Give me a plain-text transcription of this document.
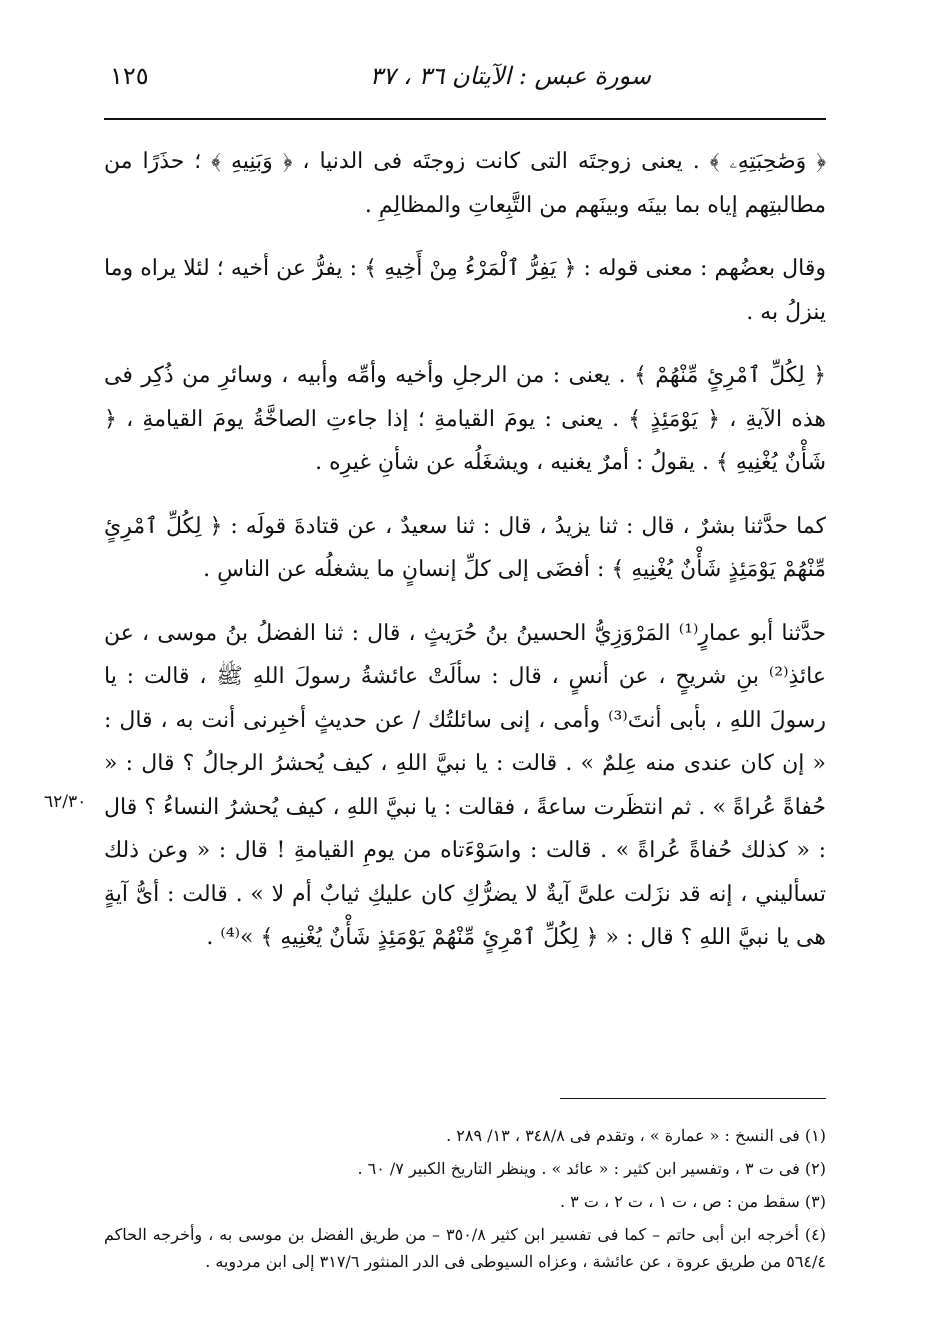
سورة عبس : الآيتان ٣٦ ، ٣٧
١٢٥

﴿ وَصَٰحِبَتِهِۦ ﴾ . يعنى زوجتَه التى كانت زوجتَه فى الدنيا ، ﴿ وَبَنِيهِ ﴾ ؛ حذَرًا من مطالبتِهم إياه بما بينَه وبينَهم من التَّبِعاتِ والمظالِمِ .

وقال بعضُهم : معنى قوله : ﴿ يَفِرُّ ٱلْمَرْءُ مِنْ أَخِيهِ ﴾ : يفرُّ عن أخيه ؛ لئلا يراه وما ينزلُ به .

﴿ لِكُلِّ ٱمْرِئٍ مِّنْهُمْ ﴾ . يعنى : من الرجلِ وأخيه وأمِّه وأبيه ، وسائرِ من ذُكِر فى هذه الآيةِ ، ﴿ يَوْمَئِذٍ ﴾ . يعنى : يومَ القيامةِ ؛ إذا جاءتِ الصاخَّةُ يومَ القيامةِ ، ﴿ شَأْنٌ يُغْنِيهِ ﴾ . يقولُ : أمرٌ يغنيه ، ويشغَلُه عن شأنِ غيرِه .

كما حدَّثنا بشرٌ ، قال : ثنا يزيدُ ، قال : ثنا سعيدٌ ، عن قتادةَ قولَه : ﴿ لِكُلِّ ٱمْرِئٍ مِّنْهُمْ يَوْمَئِذٍ شَأْنٌ يُغْنِيهِ ﴾ : أفضَى إلى كلِّ إنسانٍ ما يشغلُه عن الناسِ .

حدَّثنا أبو عمارٍ⁽¹⁾ المَرْوَزِيُّ الحسينُ بنُ حُرَيثٍ ، قال : ثنا الفضلُ بنُ موسى ، عن عائذِ⁽²⁾ بنِ شريحٍ ، عن أنسٍ ، قال : سألَتْ عائشةُ رسولَ اللهِ ﷺ ، قالت : يا رسولَ اللهِ ، بأبى أنتَ⁽³⁾ وأمى ، إنى سائلتُك / عن حديثٍ أخبِرنى أنت به ، قال : « إن كان عندى منه عِلمٌ » . قالت : يا نبيَّ اللهِ ، كيف يُحشرُ الرجالُ ؟ قال : « حُفاةً عُراةً » . ثم انتظَرت ساعةً ، فقالت : يا نبيَّ اللهِ ، كيف يُحشرُ النساءُ ؟ قال : « كذلك حُفاةً عُراةً » . قالت : واسَوْءَتاه من يومِ القيامةِ ! قال : « وعن ذلك تسأليني ، إنه قد نزَلت علىَّ آيةٌ لا يضرُّكِ كان عليكِ ثيابٌ أم لا » . قالت : أىُّ آيةٍ هى يا نبيَّ اللهِ ؟ قال : « ﴿ لِكُلِّ ٱمْرِئٍ مِّنْهُمْ يَوْمَئِذٍ شَأْنٌ يُغْنِيهِ ﴾ »⁽⁴⁾ .

٦٢/٣٠

(١) فى النسخ : « عمارة » ، وتقدم فى ٣٤٨/٨ ، ١٣/ ٢٨٩ .

(٢) فى ت ٣ ، وتفسير ابن كثير : « عائد » . وينظر التاريخ الكبير ٧/ ٦٠ .

(٣) سقط من : ص ، ت ١ ، ت ٢ ، ت ٣ .

(٤) أخرجه ابن أبى حاتم – كما فى تفسير ابن كثير ٣٥٠/٨ – من طريق الفضل بن موسى به ، وأخرجه الحاكم ٥٦٤/٤ من طريق عروة ، عن عائشة ، وعزاه السيوطى فى الدر المنثور ٣١٧/٦ إلى ابن مردويه .
